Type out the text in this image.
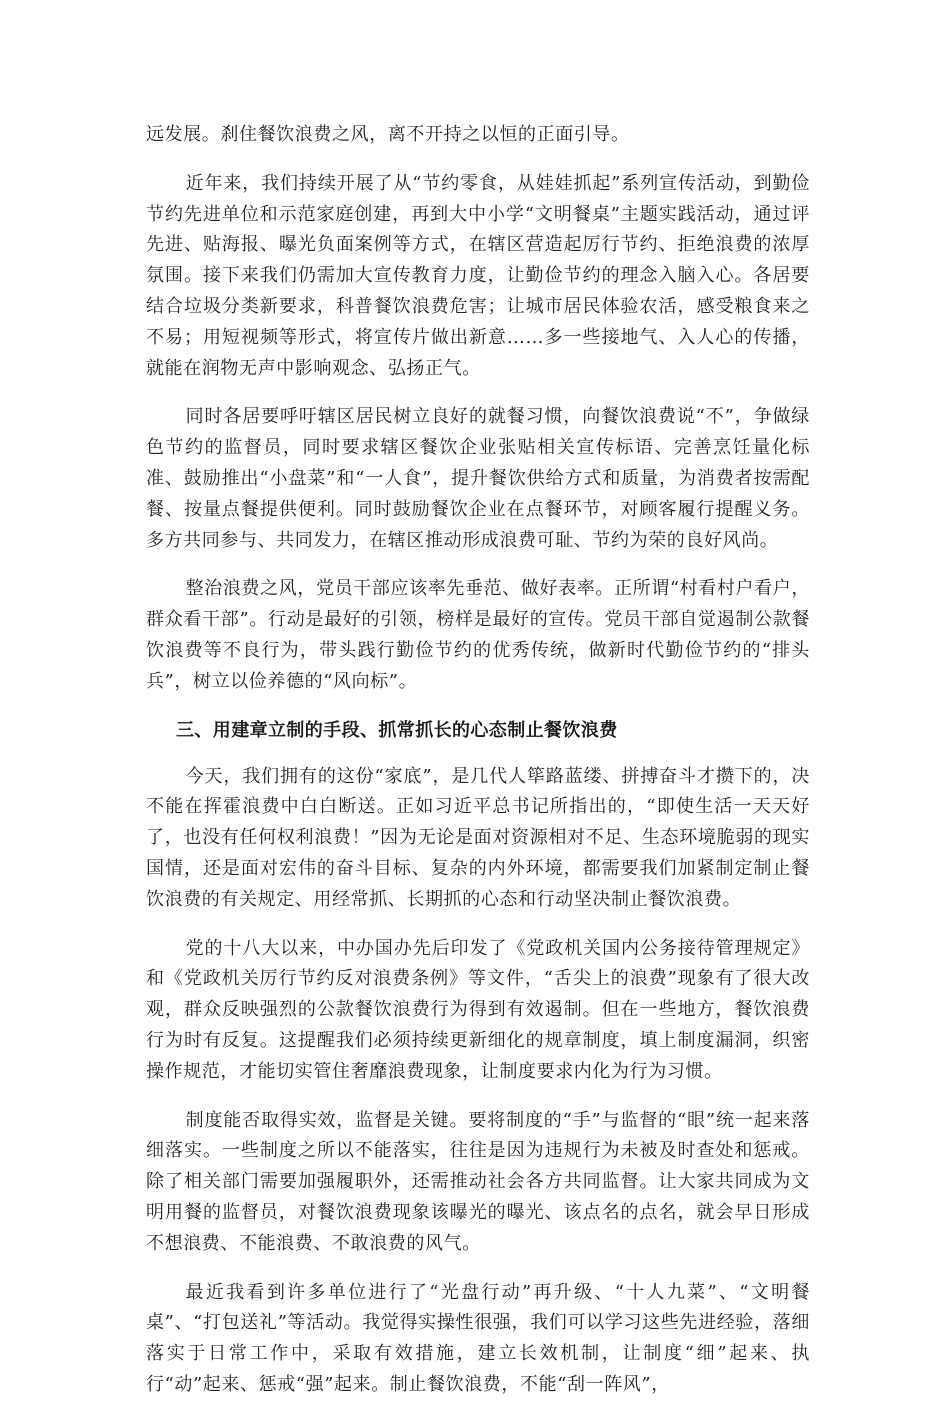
远发展。刹住餐饮浪费之风，离不开持之以恒的正面引导。

近年来，我们持续开展了从“节约零食，从娃娃抓起”系列宣传活动，到勤俭节约先进单位和示范家庭创建，再到大中小学“文明餐桌”主题实践活动，通过评先进、贴海报、曝光负面案例等方式，在辖区营造起厉行节约、拒绝浪费的浓厚氛围。接下来我们仍需加大宣传教育力度，让勤俭节约的理念入脑入心。各居要结合垃圾分类新要求，科普餐饮浪费危害；让城市居民体验农活，感受粮食来之不易；用短视频等形式，将宣传片做出新意……多一些接地气、入人心的传播，就能在润物无声中影响观念、弘扬正气。

同时各居要呼吁辖区居民树立良好的就餐习惯，向餐饮浪费说“不”，争做绿色节约的监督员，同时要求辖区餐饮企业张贴相关宣传标语、完善烹饪量化标准、鼓励推出“小盘菜”和“一人食”，提升餐饮供给方式和质量，为消费者按需配餐、按量点餐提供便利。同时鼓励餐饮企业在点餐环节，对顾客履行提醒义务。多方共同参与、共同发力，在辖区推动形成浪费可耻、节约为荣的良好风尚。

整治浪费之风，党员干部应该率先垂范、做好表率。正所谓“村看村户看户，群众看干部”。行动是最好的引领，榜样是最好的宣传。党员干部自觉遏制公款餐饮浪费等不良行为，带头践行勤俭节约的优秀传统，做新时代勤俭节约的“排头兵”，树立以俭养德的“风向标”。

三、用建章立制的手段、抓常抓长的心态制止餐饮浪费

今天，我们拥有的这份“家底”，是几代人筚路蓝缕、拼搏奋斗才攒下的，决不能在挥霍浪费中白白断送。正如习近平总书记所指出的，“即使生活一天天好了，也没有任何权利浪费！”因为无论是面对资源相对不足、生态环境脆弱的现实国情，还是面对宏伟的奋斗目标、复杂的内外环境，都需要我们加紧制定制止餐饮浪费的有关规定、用经常抓、长期抓的心态和行动坚决制止餐饮浪费。

党的十八大以来，中办国办先后印发了《党政机关国内公务接待管理规定》和《党政机关厉行节约反对浪费条例》等文件，“舌尖上的浪费”现象有了很大改观，群众反映强烈的公款餐饮浪费行为得到有效遏制。但在一些地方，餐饮浪费行为时有反复。这提醒我们必须持续更新细化的规章制度，填上制度漏洞，织密操作规范，才能切实管住奢靡浪费现象，让制度要求内化为行为习惯。

制度能否取得实效，监督是关键。要将制度的“手”与监督的“眼”统一起来落细落实。一些制度之所以不能落实，往往是因为违规行为未被及时查处和惩戒。除了相关部门需要加强履职外，还需推动社会各方共同监督。让大家共同成为文明用餐的监督员，对餐饮浪费现象该曝光的曝光、该点名的点名，就会早日形成不想浪费、不能浪费、不敢浪费的风气。

最近我看到许多单位进行了“光盘行动”再升级、“十人九菜”、“文明餐桌”、“打包送礼”等活动。我觉得实操性很强，我们可以学习这些先进经验，落细落实于日常工作中，采取有效措施，建立长效机制，让制度“细”起来、执行“动”起来、惩戒“强”起来。制止餐饮浪费，不能“刮一阵风”，
